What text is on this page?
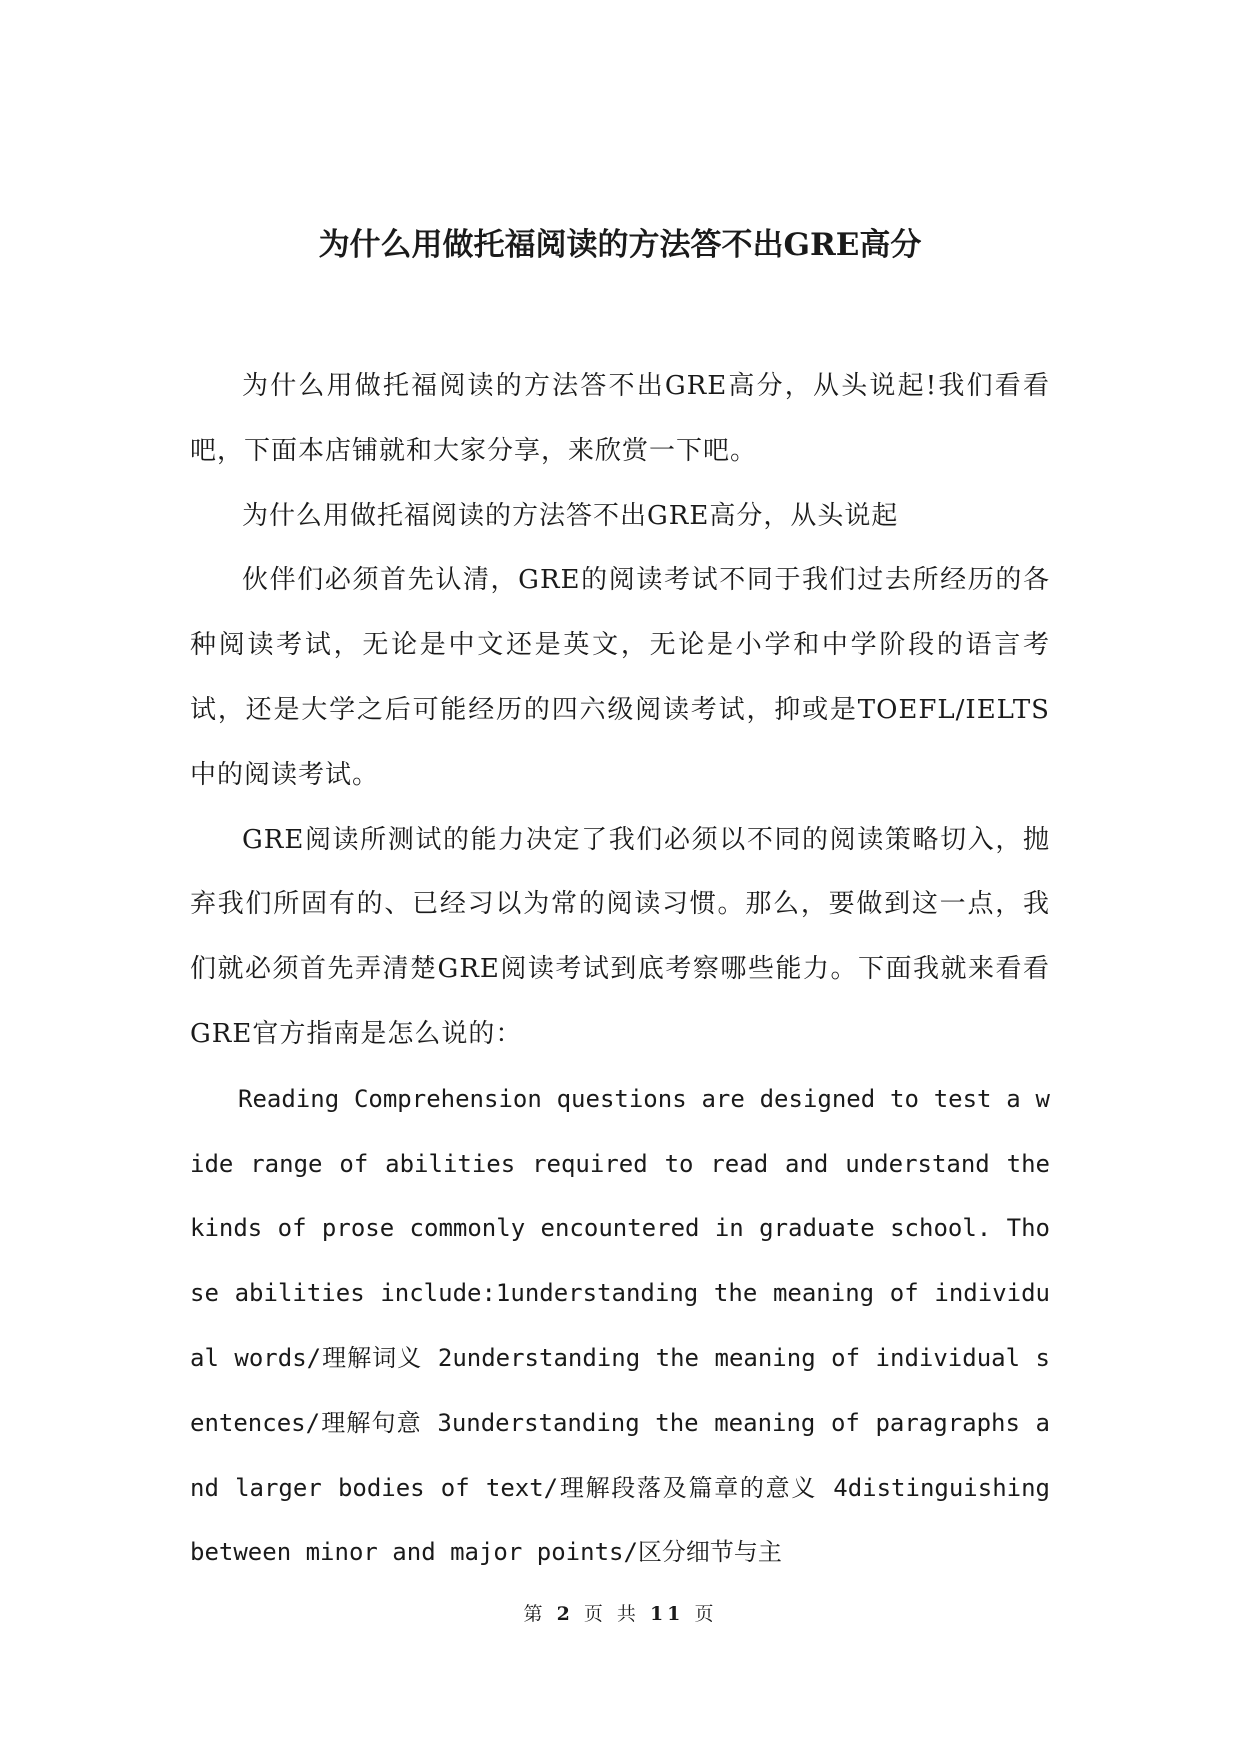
为什么用做托福阅读的方法答不出GRE高分

为什么用做托福阅读的方法答不出GRE高分，从头说起!我们看看吧，下面本店铺就和大家分享，来欣赏一下吧。

为什么用做托福阅读的方法答不出GRE高分，从头说起

伙伴们必须首先认清，GRE的阅读考试不同于我们过去所经历的各种阅读考试，无论是中文还是英文，无论是小学和中学阶段的语言考试，还是大学之后可能经历的四六级阅读考试，抑或是TOEFL/IELTS中的阅读考试。

GRE阅读所测试的能力决定了我们必须以不同的阅读策略切入，抛弃我们所固有的、已经习以为常的阅读习惯。那么，要做到这一点，我们就必须首先弄清楚GRE阅读考试到底考察哪些能力。下面我就来看看GRE官方指南是怎么说的：

Reading Comprehension questions are designed to test a wide range of abilities required to read and understand the kinds of prose commonly encountered in graduate school. Those abilities include:1understanding the meaning of individual words/理解词义 2understanding the meaning of individual sentences/理解句意 3understanding the meaning of paragraphs and larger bodies of text/理解段落及篇章的意义 4distinguishing between minor and major points/区分细节与主

第 2 页 共 11 页
